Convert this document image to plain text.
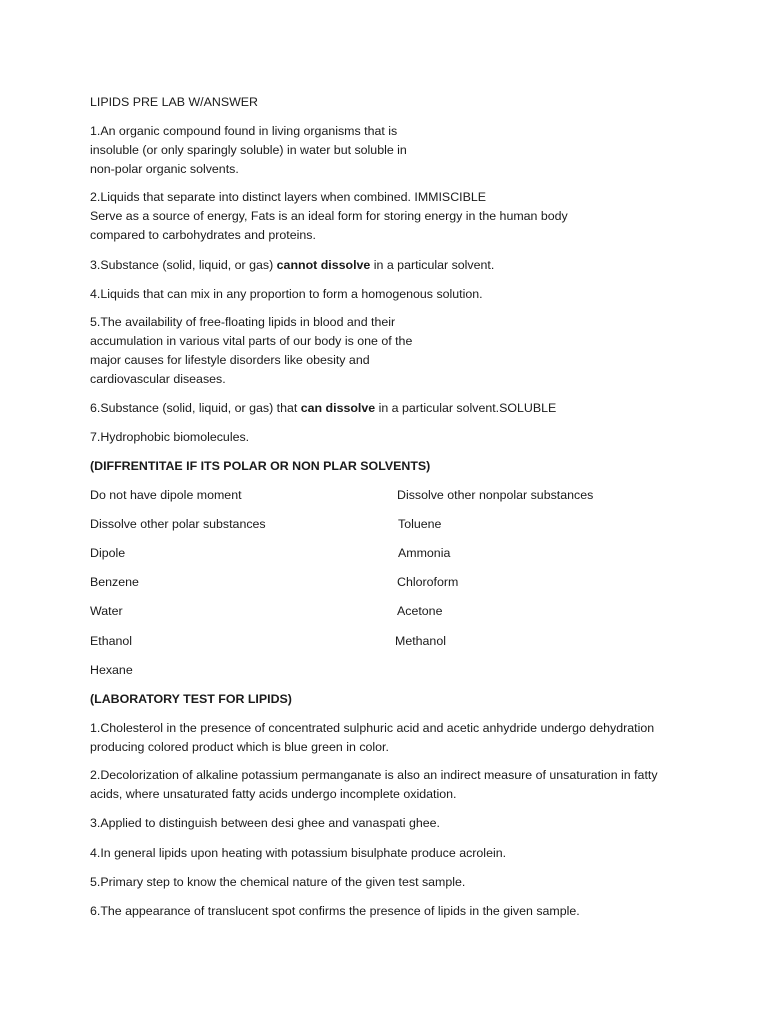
LIPIDS PRE LAB W/ANSWER

1.An organic compound found in living organisms that is
insoluble (or only sparingly soluble) in water but soluble in
non-polar organic solvents.

2.Liquids that separate into distinct layers when combined. IMMISCIBLE
Serve as a source of energy, Fats is an ideal form for storing energy in the human body
compared to carbohydrates and proteins.

3.Substance (solid, liquid, or gas) cannot dissolve in a particular solvent.

4.Liquids that can mix in any proportion to form a homogenous solution.

5.The availability of free-floating lipids in blood and their
accumulation in various vital parts of our body is one of the
major causes for lifestyle disorders like obesity and
cardiovascular diseases.

6.Substance (solid, liquid, or gas) that can dissolve in a particular solvent.SOLUBLE

7.Hydrophobic biomolecules.

(DIFFRENTITAE IF ITS POLAR OR NON PLAR SOLVENTS)

Do not have dipole moment

Dissolve other polar substances

Dipole

Benzene

Water

Ethanol

Hexane

Dissolve other nonpolar substances

Toluene

Ammonia

Chloroform

Acetone

Methanol

(LABORATORY TEST FOR LIPIDS)

1.Cholesterol in the presence of concentrated sulphuric acid and acetic anhydride undergo dehydration
producing colored product which is blue green in color.

2.Decolorization of alkaline potassium permanganate is also an indirect measure of unsaturation in fatty
acids, where unsaturated fatty acids undergo incomplete oxidation.

3.Applied to distinguish between desi ghee and vanaspati ghee.

4.In general lipids upon heating with potassium bisulphate produce acrolein.

5.Primary step to know the chemical nature of the given test sample.

6.The appearance of translucent spot confirms the presence of lipids in the given sample.
